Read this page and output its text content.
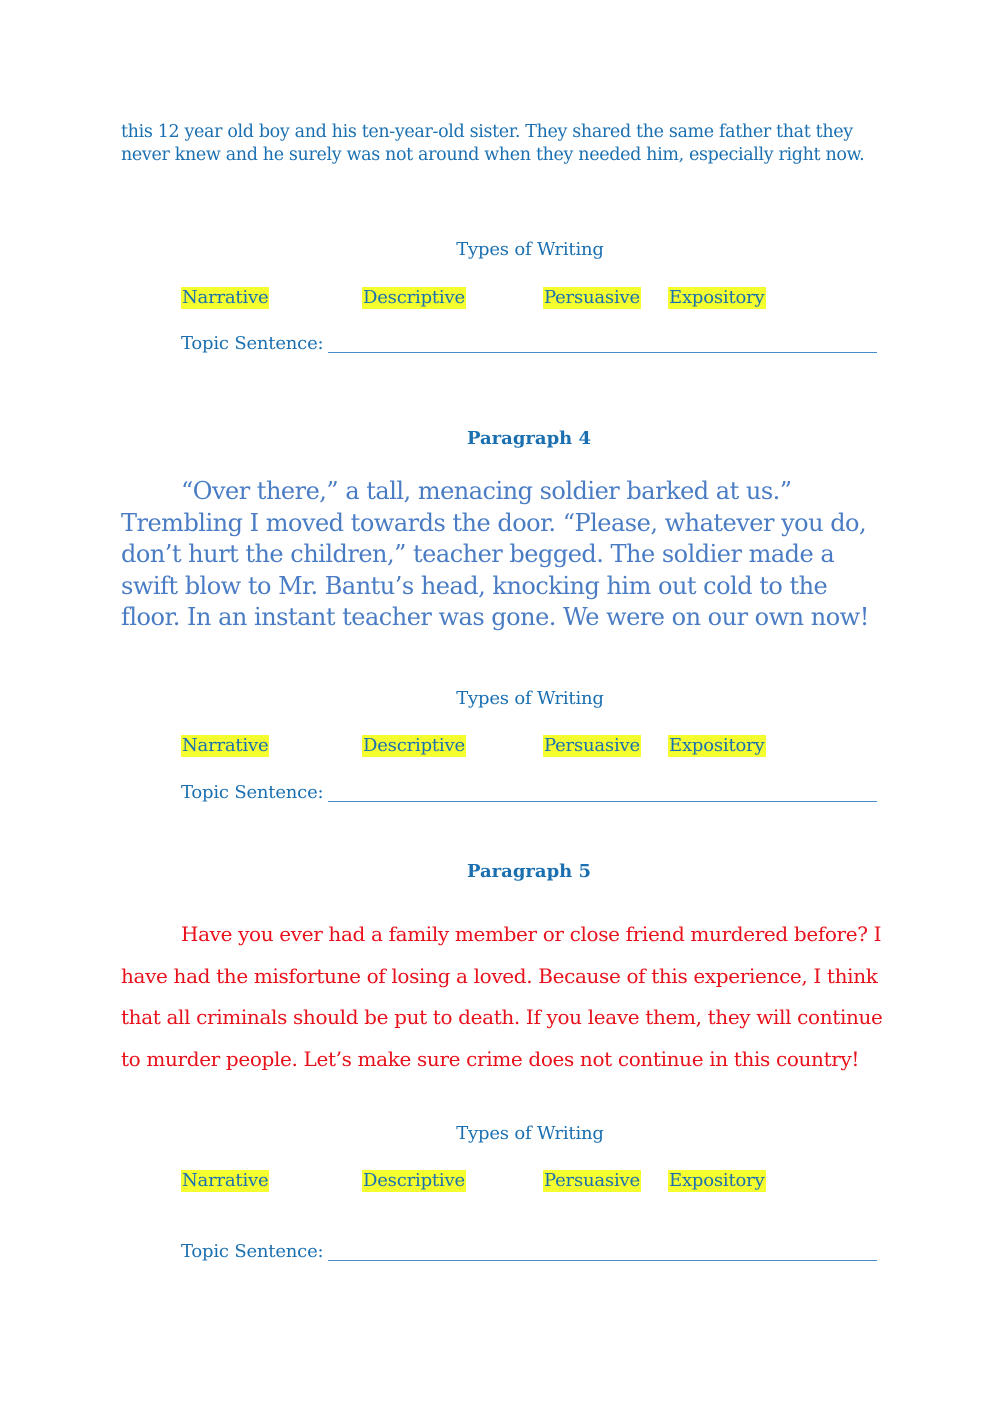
this 12 year old boy and his ten-year-old sister. They shared the same father that they never knew and he surely was not around when they needed him, especially right now.

Types of Writing
Narrative	Descriptive	Persuasive Expository
Topic Sentence:
Paragraph 4

“Over there,” a tall, menacing soldier barked at us.” Trembling I moved towards the door. “Please, whatever you do, don’t hurt the children,” teacher begged. The soldier made a swift blow to Mr. Bantu’s head, knocking him out cold to the floor. In an instant teacher was gone. We were on our own now!

Types of Writing
Narrative	Descriptive	Persuasive Expository
Topic Sentence:
Paragraph 5

Have you ever had a family member or close friend murdered before? I have had the misfortune of losing a loved. Because of this experience, I think that all criminals should be put to death. If you leave them, they will continue to murder people. Let’s make sure crime does not continue in this country!

Types of Writing
Narrative	Descriptive	Persuasive Expository
Topic Sentence:
